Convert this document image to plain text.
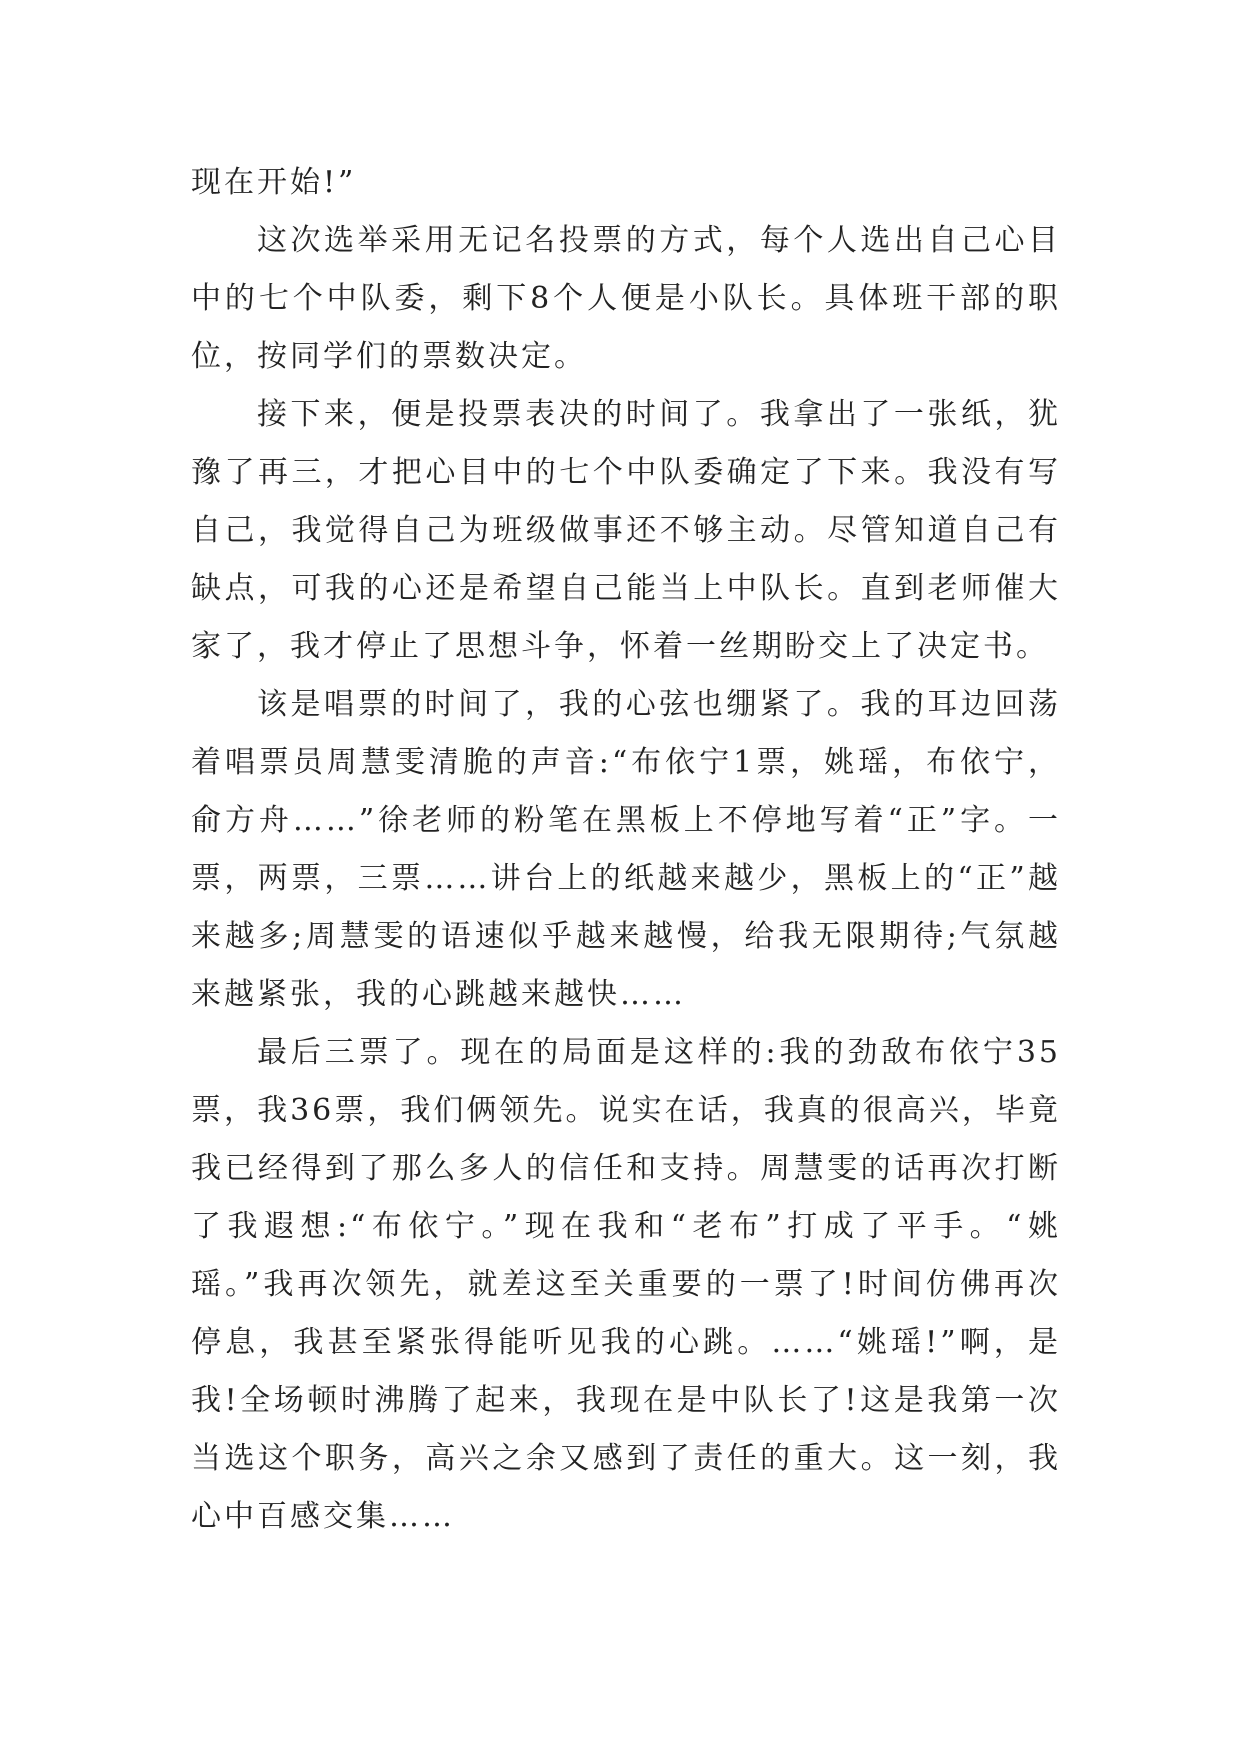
现在开始!”

这次选举采用无记名投票的方式，每个人选出自己心目中的七个中队委，剩下8个人便是小队长。具体班干部的职位，按同学们的票数决定。

接下来，便是投票表决的时间了。我拿出了一张纸，犹豫了再三，才把心目中的七个中队委确定了下来。我没有写自己，我觉得自己为班级做事还不够主动。尽管知道自己有缺点，可我的心还是希望自己能当上中队长。直到老师催大家了，我才停止了思想斗争，怀着一丝期盼交上了决定书。

该是唱票的时间了，我的心弦也绷紧了。我的耳边回荡着唱票员周慧雯清脆的声音:“布依宁1票，姚瑶，布依宁，俞方舟……”徐老师的粉笔在黑板上不停地写着“正”字。一票，两票，三票……讲台上的纸越来越少，黑板上的“正”越来越多;周慧雯的语速似乎越来越慢，给我无限期待;气氛越来越紧张，我的心跳越来越快……

最后三票了。现在的局面是这样的:我的劲敌布依宁35票，我36票，我们俩领先。说实在话，我真的很高兴，毕竟我已经得到了那么多人的信任和支持。周慧雯的话再次打断了我遐想:“布依宁。”现在我和“老布”打成了平手。“姚瑶。”我再次领先，就差这至关重要的一票了!时间仿佛再次停息，我甚至紧张得能听见我的心跳。……“姚瑶!”啊，是我!全场顿时沸腾了起来，我现在是中队长了!这是我第一次当选这个职务，高兴之余又感到了责任的重大。这一刻，我心中百感交集……
